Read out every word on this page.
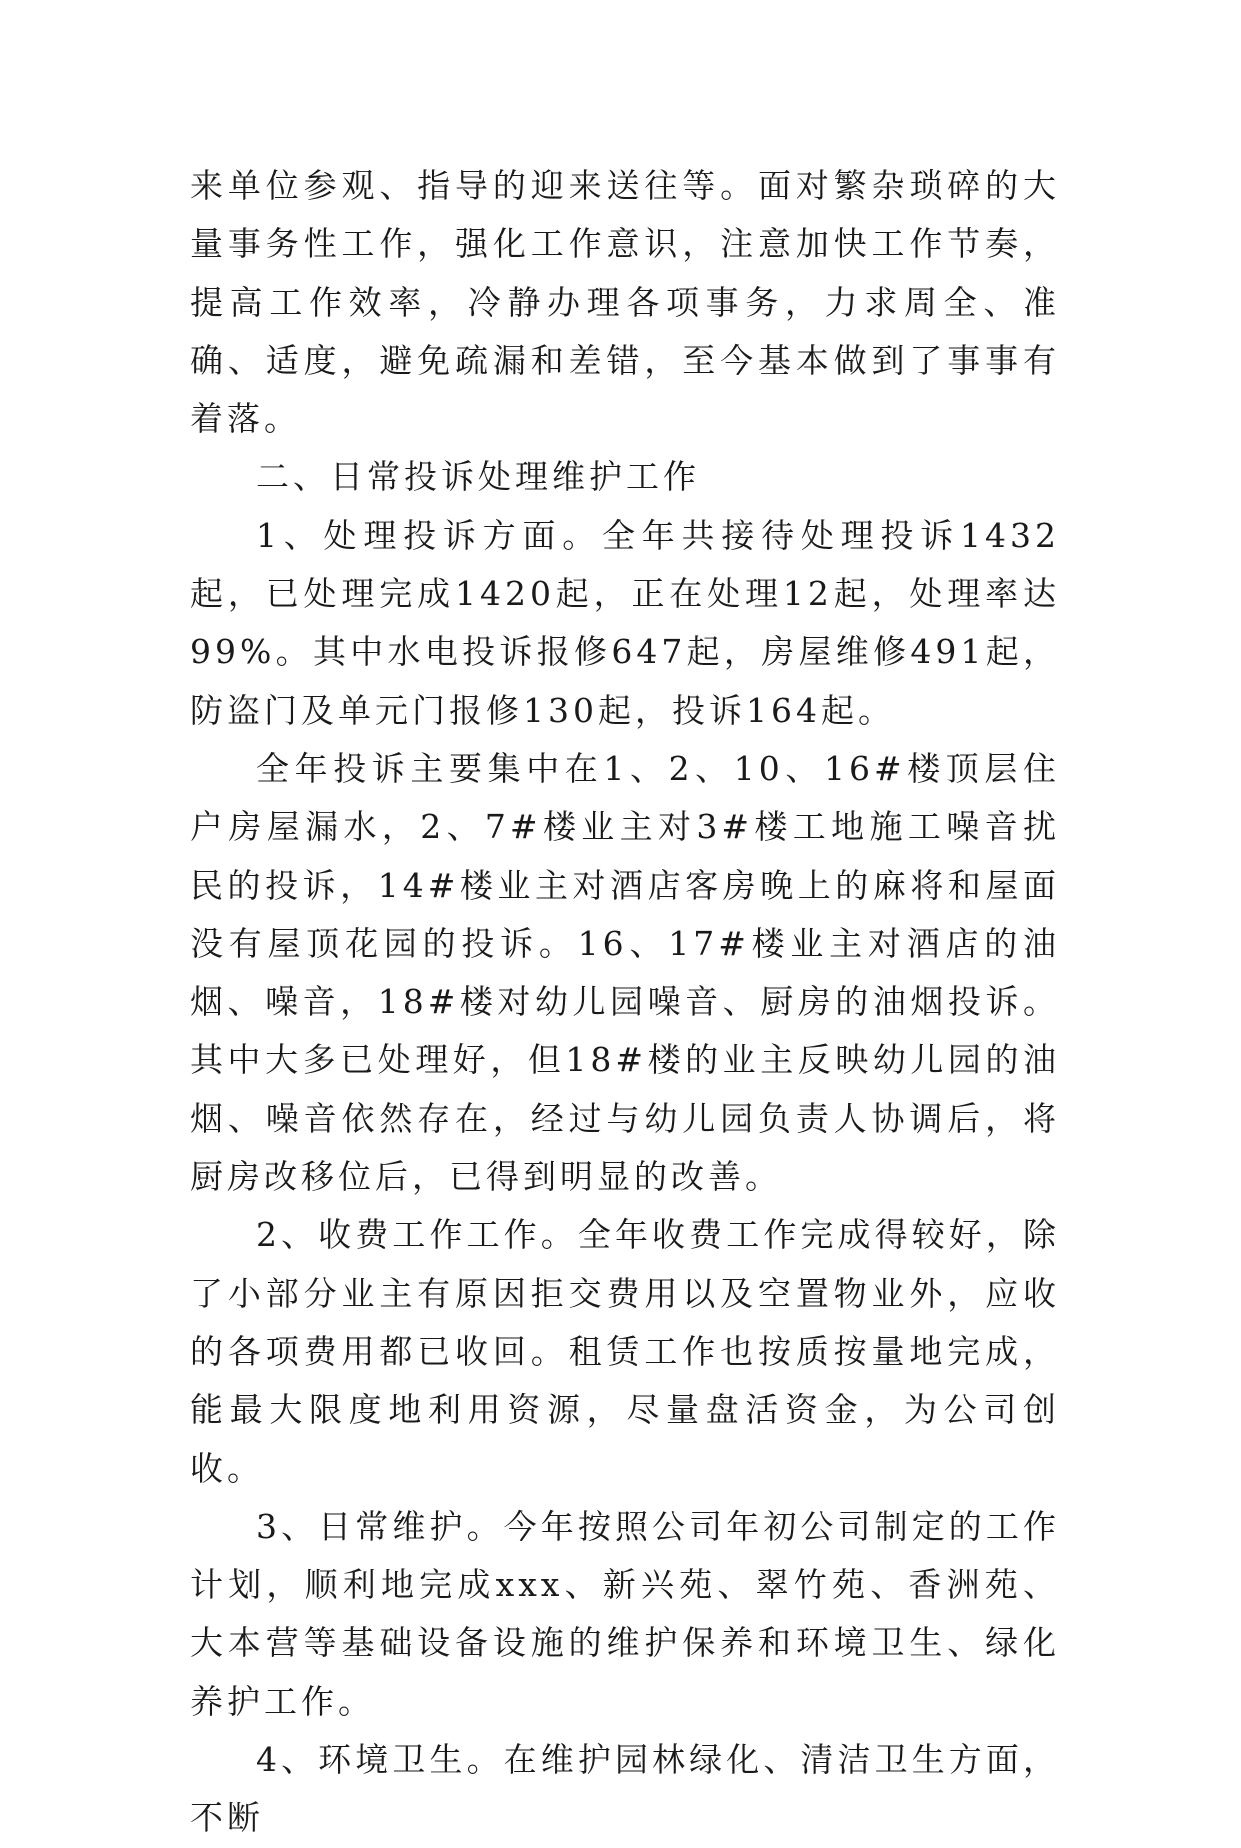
来单位参观、指导的迎来送往等。面对繁杂琐碎的大量事务性工作，强化工作意识，注意加快工作节奏，提高工作效率，冷静办理各项事务，力求周全、准确、适度，避免疏漏和差错，至今基本做到了事事有着落。

二、日常投诉处理维护工作

1、处理投诉方面。全年共接待处理投诉1432起，已处理完成1420起，正在处理12起，处理率达99%。其中水电投诉报修647起，房屋维修491起，防盗门及单元门报修130起，投诉164起。

全年投诉主要集中在1、2、10、16#楼顶层住户房屋漏水，2、7#楼业主对3#楼工地施工噪音扰民的投诉，14#楼业主对酒店客房晚上的麻将和屋面没有屋顶花园的投诉。16、17#楼业主对酒店的油烟、噪音，18#楼对幼儿园噪音、厨房的油烟投诉。其中大多已处理好，但18#楼的业主反映幼儿园的油烟、噪音依然存在，经过与幼儿园负责人协调后，将厨房改移位后，已得到明显的改善。

2、收费工作工作。全年收费工作完成得较好，除了小部分业主有原因拒交费用以及空置物业外，应收的各项费用都已收回。租赁工作也按质按量地完成，能最大限度地利用资源，尽量盘活资金，为公司创收。

3、日常维护。今年按照公司年初公司制定的工作计划，顺利地完成xxx、新兴苑、翠竹苑、香洲苑、大本营等基础设备设施的维护保养和环境卫生、绿化养护工作。

4、环境卫生。在维护园林绿化、清洁卫生方面，不断
